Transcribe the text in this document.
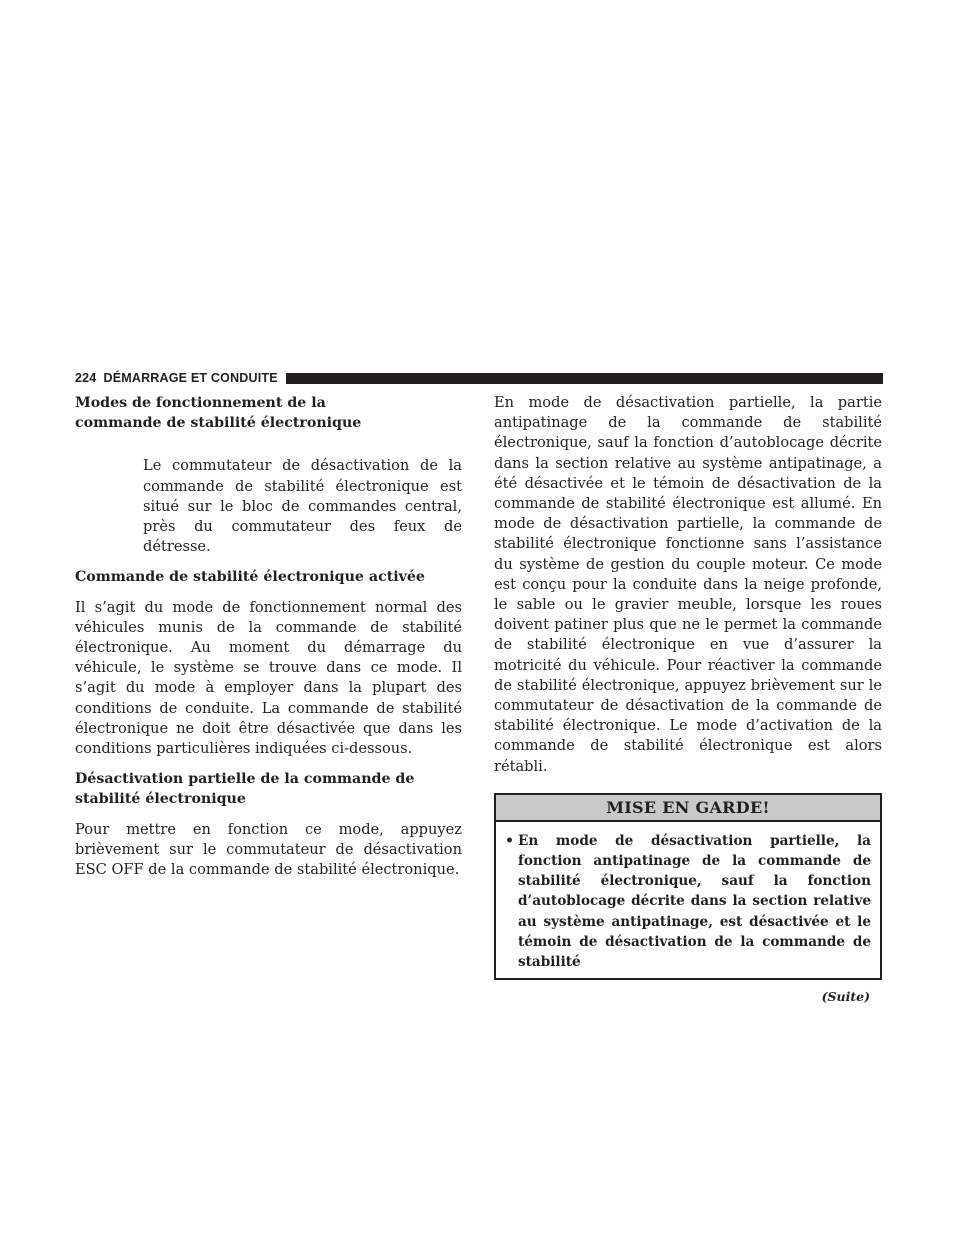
224 DÉMARRAGE ET CONDUITE

Modes de fonctionnement de la commande de stabilité électronique

Le commutateur de désactivation de la commande de stabilité électronique est situé sur le bloc de commandes central, près du commutateur des feux de détresse.

Commande de stabilité électronique activée

Il s’agit du mode de fonctionnement normal des véhicules munis de la commande de stabilité électronique. Au moment du démarrage du véhicule, le système se trouve dans ce mode. Il s’agit du mode à employer dans la plupart des conditions de conduite. La commande de stabilité électronique ne doit être désactivée que dans les conditions particulières indiquées ci-dessous.

Désactivation partielle de la commande de stabilité électronique

Pour mettre en fonction ce mode, appuyez brièvement sur le commutateur de désactivation ESC OFF de la commande de stabilité électronique.

En mode de désactivation partielle, la partie antipatinage de la commande de stabilité électronique, sauf la fonction d’autoblocage décrite dans la section relative au système antipatinage, a été désactivée et le témoin de désactivation de la commande de stabilité électronique est allumé. En mode de désactivation partielle, la commande de stabilité électronique fonctionne sans l’assistance du système de gestion du couple moteur. Ce mode est conçu pour la conduite dans la neige profonde, le sable ou le gravier meuble, lorsque les roues doivent patiner plus que ne le permet la commande de stabilité électronique en vue d’assurer la motricité du véhicule. Pour réactiver la commande de stabilité électronique, appuyez brièvement sur le commutateur de désactivation de la commande de stabilité électronique. Le mode d’activation de la commande de stabilité électronique est alors rétabli.

MISE EN GARDE!
• En mode de désactivation partielle, la fonction antipatinage de la commande de stabilité électronique, sauf la fonction d’autoblocage décrite dans la section relative au système antipatinage, est désactivée et le témoin de désactivation de la commande de stabilité
(Suite)
